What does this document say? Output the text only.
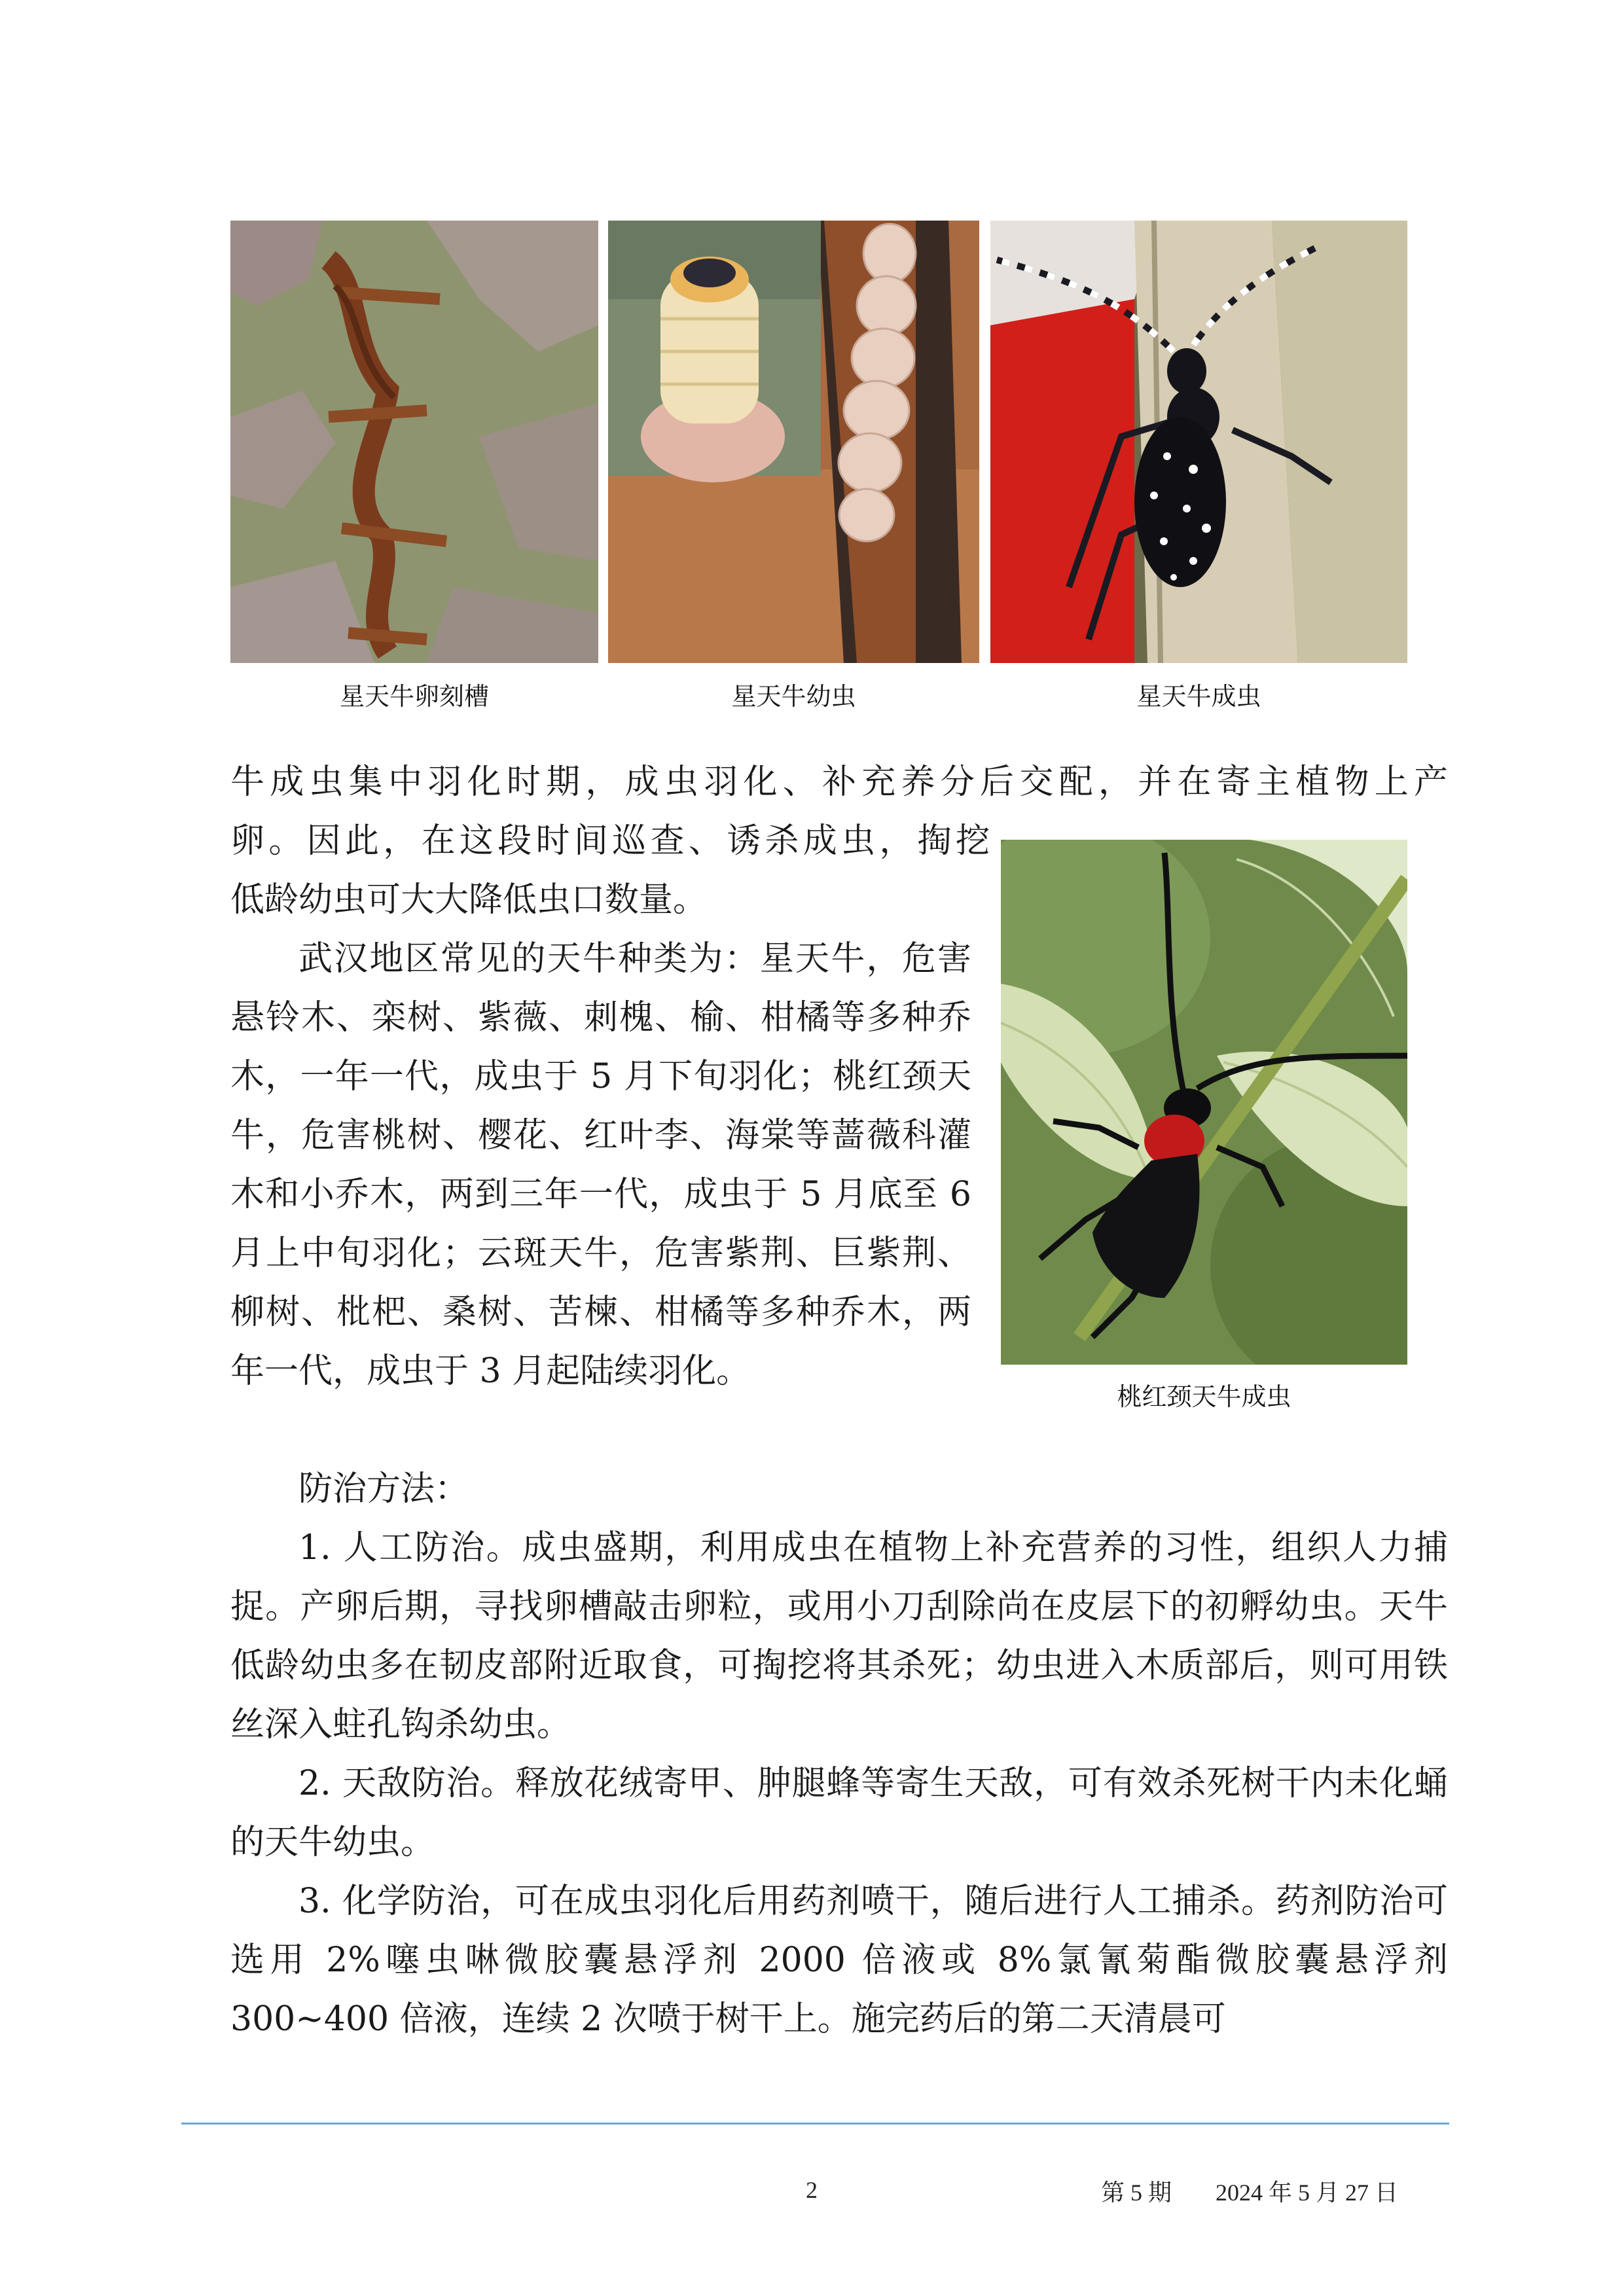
星天牛卵刻槽	星天牛幼虫	星天牛成虫
牛成虫集中羽化时期，成虫羽化、补充养分后交配，并在寄主植物上产
卵。因此，在这段时间巡查、诱杀成虫，掏挖
低龄幼虫可大大降低虫口数量。
武汉地区常见的天牛种类为：星天牛，危害悬铃木、栾树、紫薇、刺槐、榆、柑橘等多种乔木，一年一代，成虫于 5 月下旬羽化；桃红颈天牛，危害桃树、樱花、红叶李、海棠等蔷薇科灌木和小乔木，两到三年一代，成虫于 5 月底至 6 月上中旬羽化；云斑天牛，危害紫荆、巨紫荆、柳树、枇杷、桑树、苦楝、柑橘等多种乔木，两年一代，成虫于 3 月起陆续羽化。
桃红颈天牛成虫

防治方法：

1. 人工防治。成虫盛期，利用成虫在植物上补充营养的习性，组织人力捕捉。产卵后期，寻找卵槽敲击卵粒，或用小刀刮除尚在皮层下的初孵幼虫。天牛低龄幼虫多在韧皮部附近取食，可掏挖将其杀死；幼虫进入木质部后，则可用铁丝深入蛀孔钩杀幼虫。

2. 天敌防治。释放花绒寄甲、肿腿蜂等寄生天敌，可有效杀死树干内未化蛹的天牛幼虫。

3. 化学防治，可在成虫羽化后用药剂喷干，随后进行人工捕杀。药剂防治可选用 2%噻虫啉微胶囊悬浮剂 2000 倍液或 8%氯氰菊酯微胶囊悬浮剂 300~400 倍液，连续 2 次喷于树干上。施完药后的第二天清晨可

2	第 5 期 2024 年 5 月 27 日
